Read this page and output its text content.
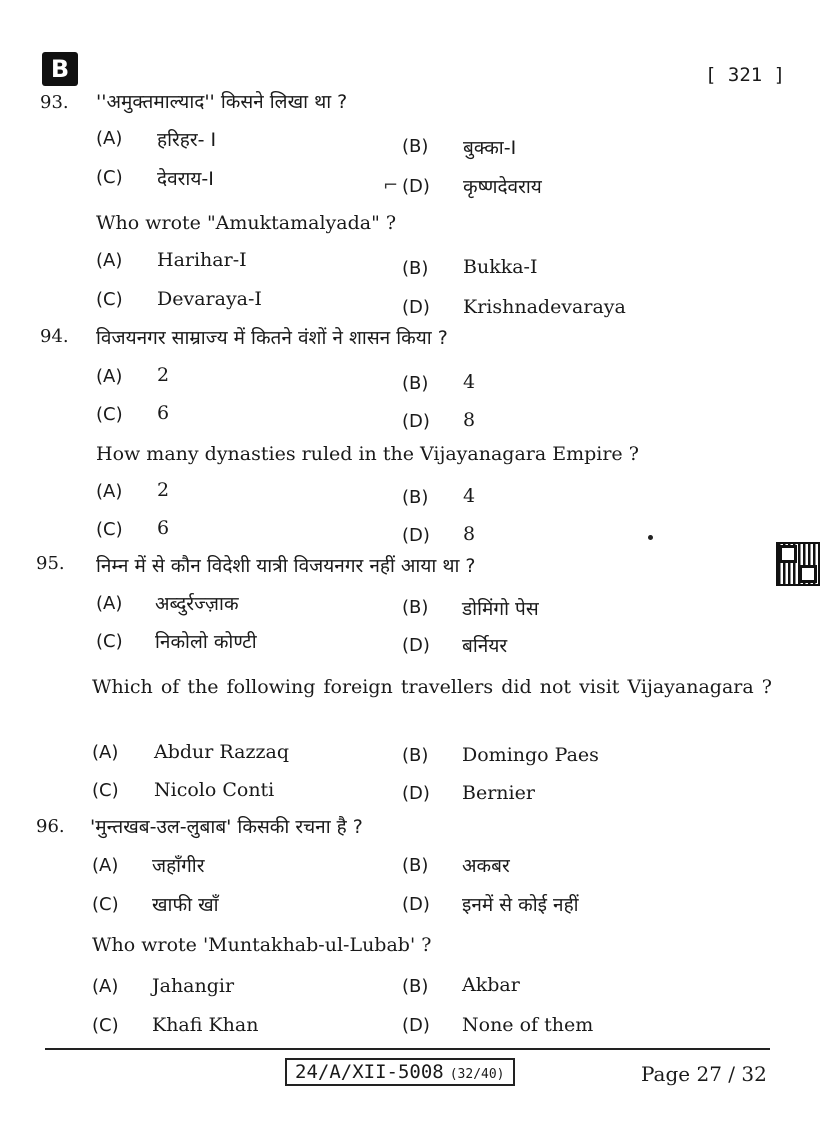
B	[ 321 ]
93. ''अमुक्तमाल्याद'' किसने लिखा था ?
(A) हरिहर- I	(B) बुक्का-I
(C) देवराय-I	⌐ (D) कृष्णदेवराय
Who wrote "Amuktamalyada" ?
(A) Harihar-I	(B) Bukka-I
(C) Devaraya-I	(D) Krishnadevaraya
94. विजयनगर साम्राज्य में कितने वंशों ने शासन किया ?
(A) 2	(B) 4
(C) 6	(D) 8
How many dynasties ruled in the Vijayanagara Empire ?
(A) 2	(B) 4
(C) 6	(D) 8
95. निम्न में से कौन विदेशी यात्री विजयनगर नहीं आया था ?
(A) अब्दुर्रज्ज़ाक	(B) डोमिंगो पेस
(C) निकोलो कोण्टी	(D) बर्नियर
Which of the following foreign travellers did not visit Vijayanagara ?
(A) Abdur Razzaq	(B) Domingo Paes
(C) Nicolo Conti	(D) Bernier
96. 'मुन्तखब-उल-लुबाब' किसकी रचना है ?
(A) जहाँगीर	(B) अकबर
(C) खाफी खाँ	(D) इनमें से कोई नहीं
Who wrote 'Muntakhab-ul-Lubab' ?
(A) Jahangir	(B) Akbar
(C) Khafi Khan	(D) None of them
24/A/XII-5008 (32/40)	Page 27 / 32
